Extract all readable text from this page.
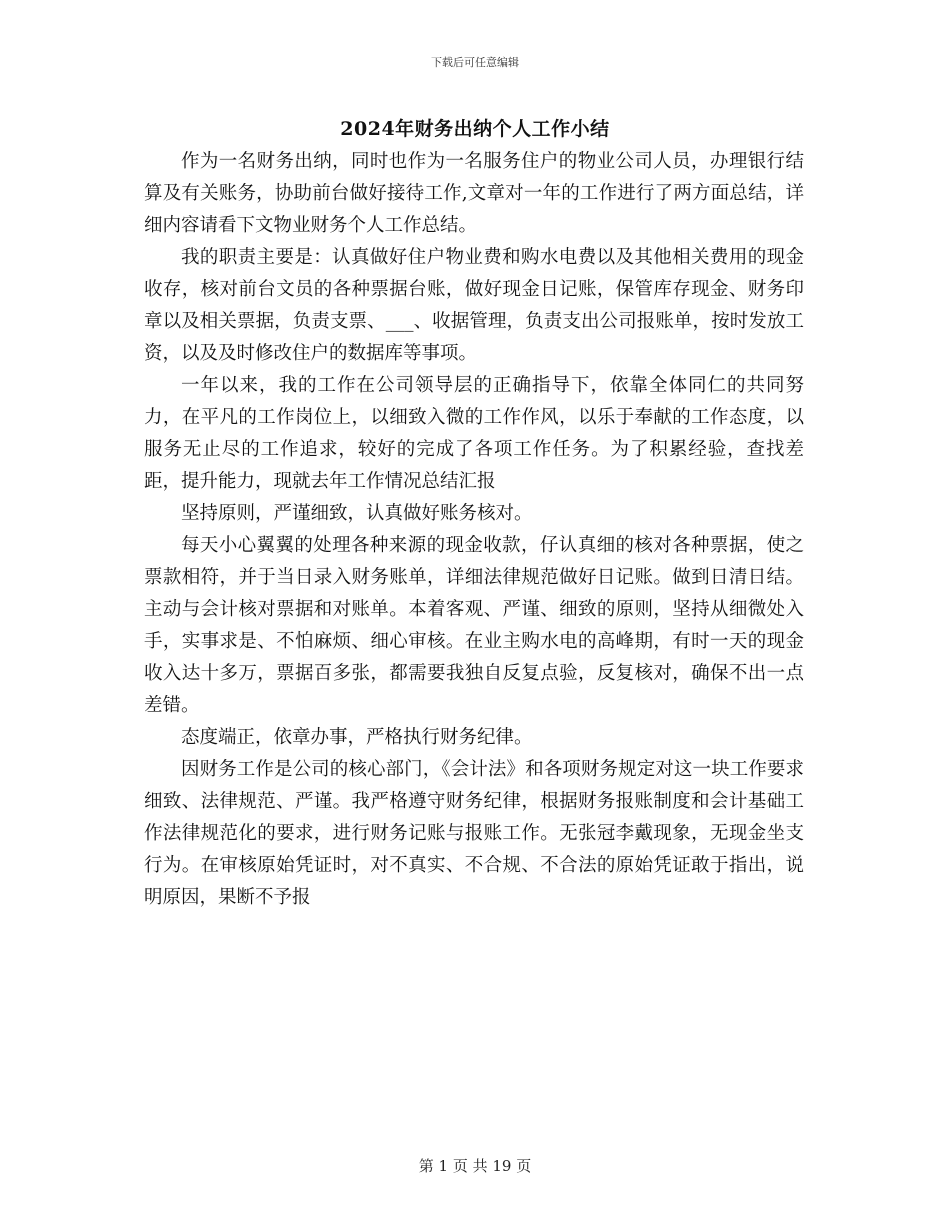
下载后可任意编辑
2024年财务出纳个人工作小结

作为一名财务出纳，同时也作为一名服务住户的物业公司人员，办理银行结算及有关账务，协助前台做好接待工作,文章对一年的工作进行了两方面总结，详细内容请看下文物业财务个人工作总结。

我的职责主要是：认真做好住户物业费和购水电费以及其他相关费用的现金收存，核对前台文员的各种票据台账，做好现金日记账，保管库存现金、财务印章以及相关票据，负责支票、___、收据管理，负责支出公司报账单，按时发放工资，以及及时修改住户的数据库等事项。

一年以来，我的工作在公司领导层的正确指导下，依靠全体同仁的共同努力，在平凡的工作岗位上，以细致入微的工作作风，以乐于奉献的工作态度，以服务无止尽的工作追求，较好的完成了各项工作任务。为了积累经验，查找差距，提升能力，现就去年工作情况总结汇报

坚持原则，严谨细致，认真做好账务核对。

每天小心翼翼的处理各种来源的现金收款，仔认真细的核对各种票据，使之票款相符，并于当日录入财务账单，详细法律规范做好日记账。做到日清日结。主动与会计核对票据和对账单。本着客观、严谨、细致的原则，坚持从细微处入手，实事求是、不怕麻烦、细心审核。在业主购水电的高峰期，有时一天的现金收入达十多万，票据百多张，都需要我独自反复点验，反复核对，确保不出一点差错。

态度端正，依章办事，严格执行财务纪律。

因财务工作是公司的核心部门，《会计法》和各项财务规定对这一块工作要求细致、法律规范、严谨。我严格遵守财务纪律，根据财务报账制度和会计基础工作法律规范化的要求，进行财务记账与报账工作。无张冠李戴现象，无现金坐支行为。在审核原始凭证时，对不真实、不合规、不合法的原始凭证敢于指出，说明原因，果断不予报

第 1 页 共 19 页
